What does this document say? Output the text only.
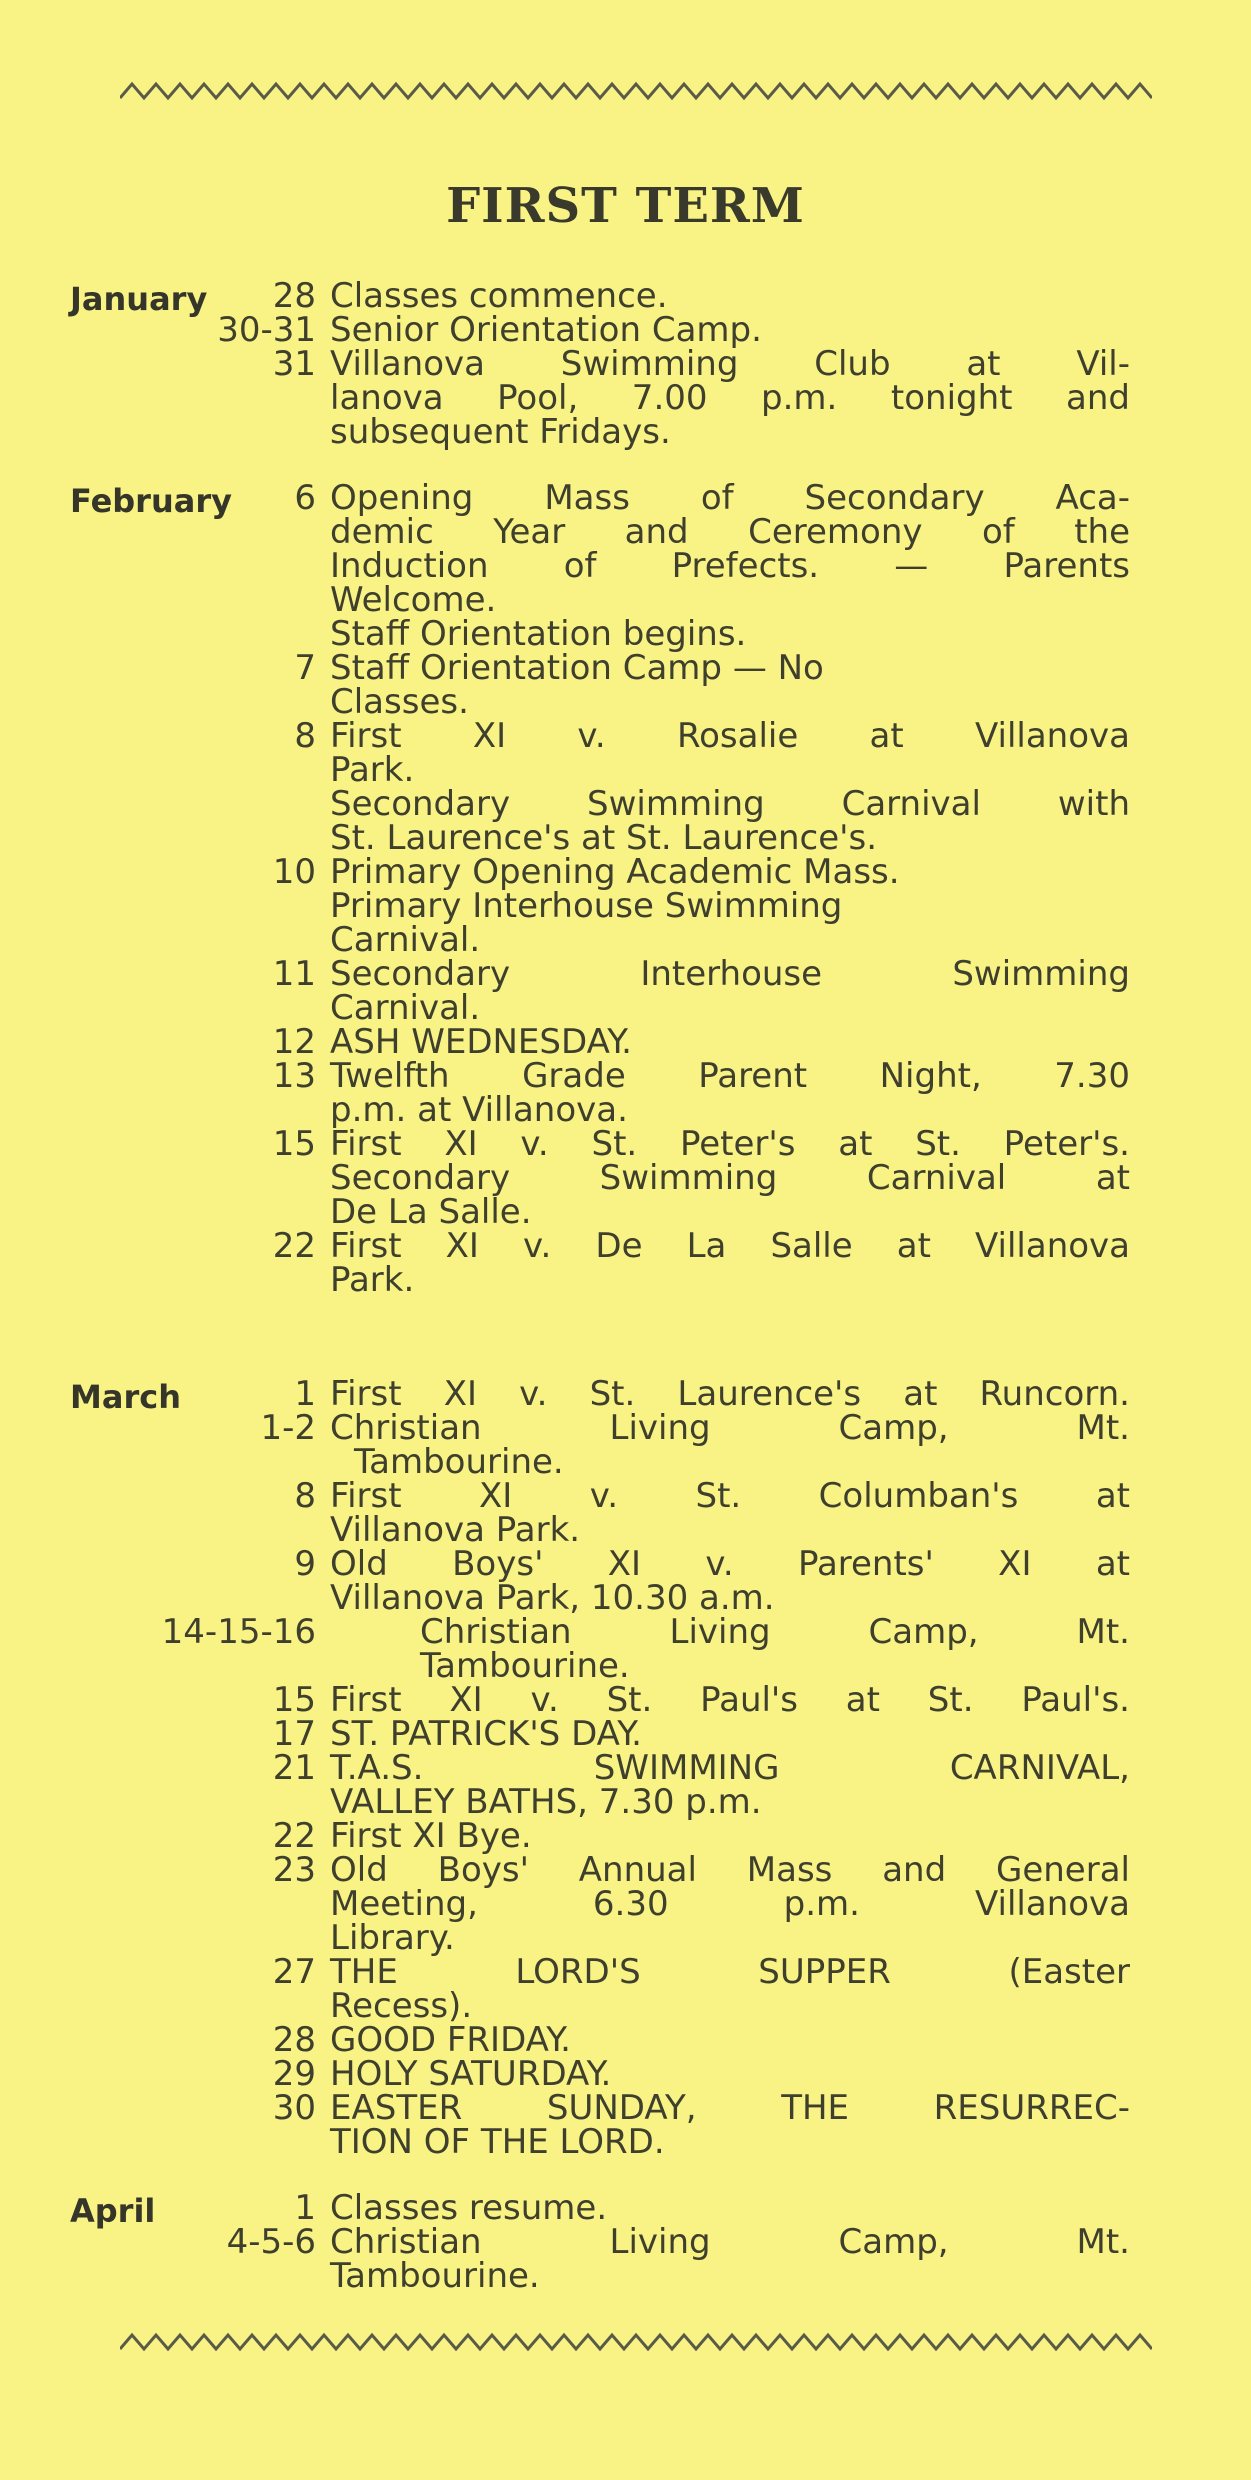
FIRST TERM
January	28 Classes commence.
30-31 Senior Orientation Camp.
31 Villanova Swimming Club at Vil-
lanova Pool, 7.00 p.m. tonight and
subsequent Fridays.
February	6 Opening Mass of Secondary Aca-
demic Year and Ceremony of the
Induction of Prefects. — Parents
Welcome.
Staff Orientation begins.
7 Staff Orientation Camp — No
Classes.
8 First XI v. Rosalie at Villanova
Park.
Secondary Swimming Carnival with
St. Laurence's at St. Laurence's.
10 Primary Opening Academic Mass.
Primary Interhouse Swimming
Carnival.
11 Secondary Interhouse Swimming
Carnival.
12 ASH WEDNESDAY.
13 Twelfth Grade Parent Night, 7.30
p.m. at Villanova.
15 First XI v. St. Peter's at St. Peter's.
Secondary Swimming Carnival at
De La Salle.
22 First XI v. De La Salle at Villanova
Park.
March	1 First XI v. St. Laurence's at Runcorn.
1-2 Christian Living Camp, Mt.
Tambourine.
8 First XI v. St. Columban's at
Villanova Park.
9 Old Boys' XI v. Parents' XI at
Villanova Park, 10.30 a.m.
14-15-16	Christian Living Camp, Mt.
Tambourine.
15 First XI v. St. Paul's at St. Paul's.
17 ST. PATRICK'S DAY.
21 T.A.S. SWIMMING CARNIVAL,
VALLEY BATHS, 7.30 p.m.
22 First XI Bye.
23 Old Boys' Annual Mass and General
Meeting, 6.30 p.m. Villanova
Library.
27 THE LORD'S SUPPER (Easter
Recess).
28 GOOD FRIDAY.
29 HOLY SATURDAY.
30 EASTER SUNDAY, THE RESURREC-
TION OF THE LORD.
April	1 Classes resume.
4-5-6 Christian Living Camp, Mt.
Tambourine.
